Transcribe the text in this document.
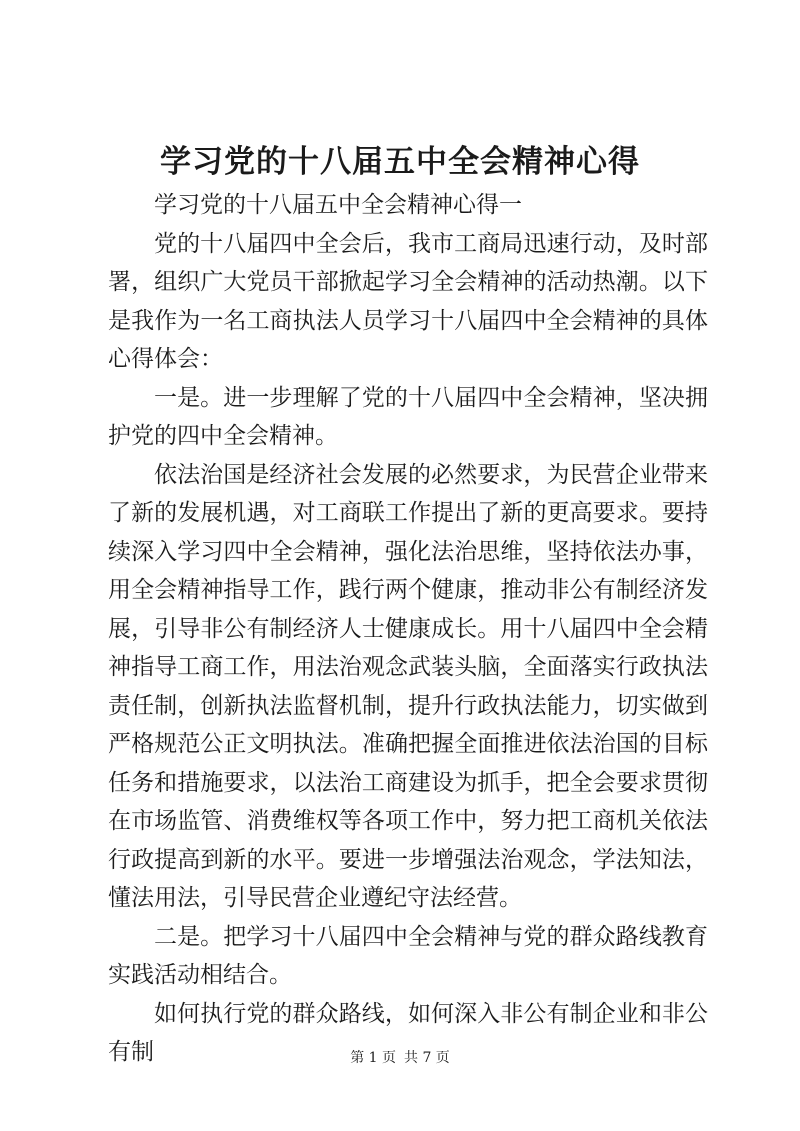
学习党的十八届五中全会精神心得

学习党的十八届五中全会精神心得一

党的十八届四中全会后，我市工商局迅速行动，及时部署，组织广大党员干部掀起学习全会精神的活动热潮。以下是我作为一名工商执法人员学习十八届四中全会精神的具体心得体会：

一是。进一步理解了党的十八届四中全会精神，坚决拥护党的四中全会精神。

依法治国是经济社会发展的必然要求，为民营企业带来了新的发展机遇，对工商联工作提出了新的更高要求。要持续深入学习四中全会精神，强化法治思维，坚持依法办事，用全会精神指导工作，践行两个健康，推动非公有制经济发展，引导非公有制经济人士健康成长。用十八届四中全会精神指导工商工作，用法治观念武装头脑，全面落实行政执法责任制，创新执法监督机制，提升行政执法能力，切实做到严格规范公正文明执法。准确把握全面推进依法治国的目标任务和措施要求，以法治工商建设为抓手，把全会要求贯彻在市场监管、消费维权等各项工作中，努力把工商机关依法行政提高到新的水平。要进一步增强法治观念，学法知法，懂法用法，引导民营企业遵纪守法经营。

二是。把学习十八届四中全会精神与党的群众路线教育实践活动相结合。

如何执行党的群众路线，如何深入非公有制企业和非公有制	第 1 页 共 7 页
